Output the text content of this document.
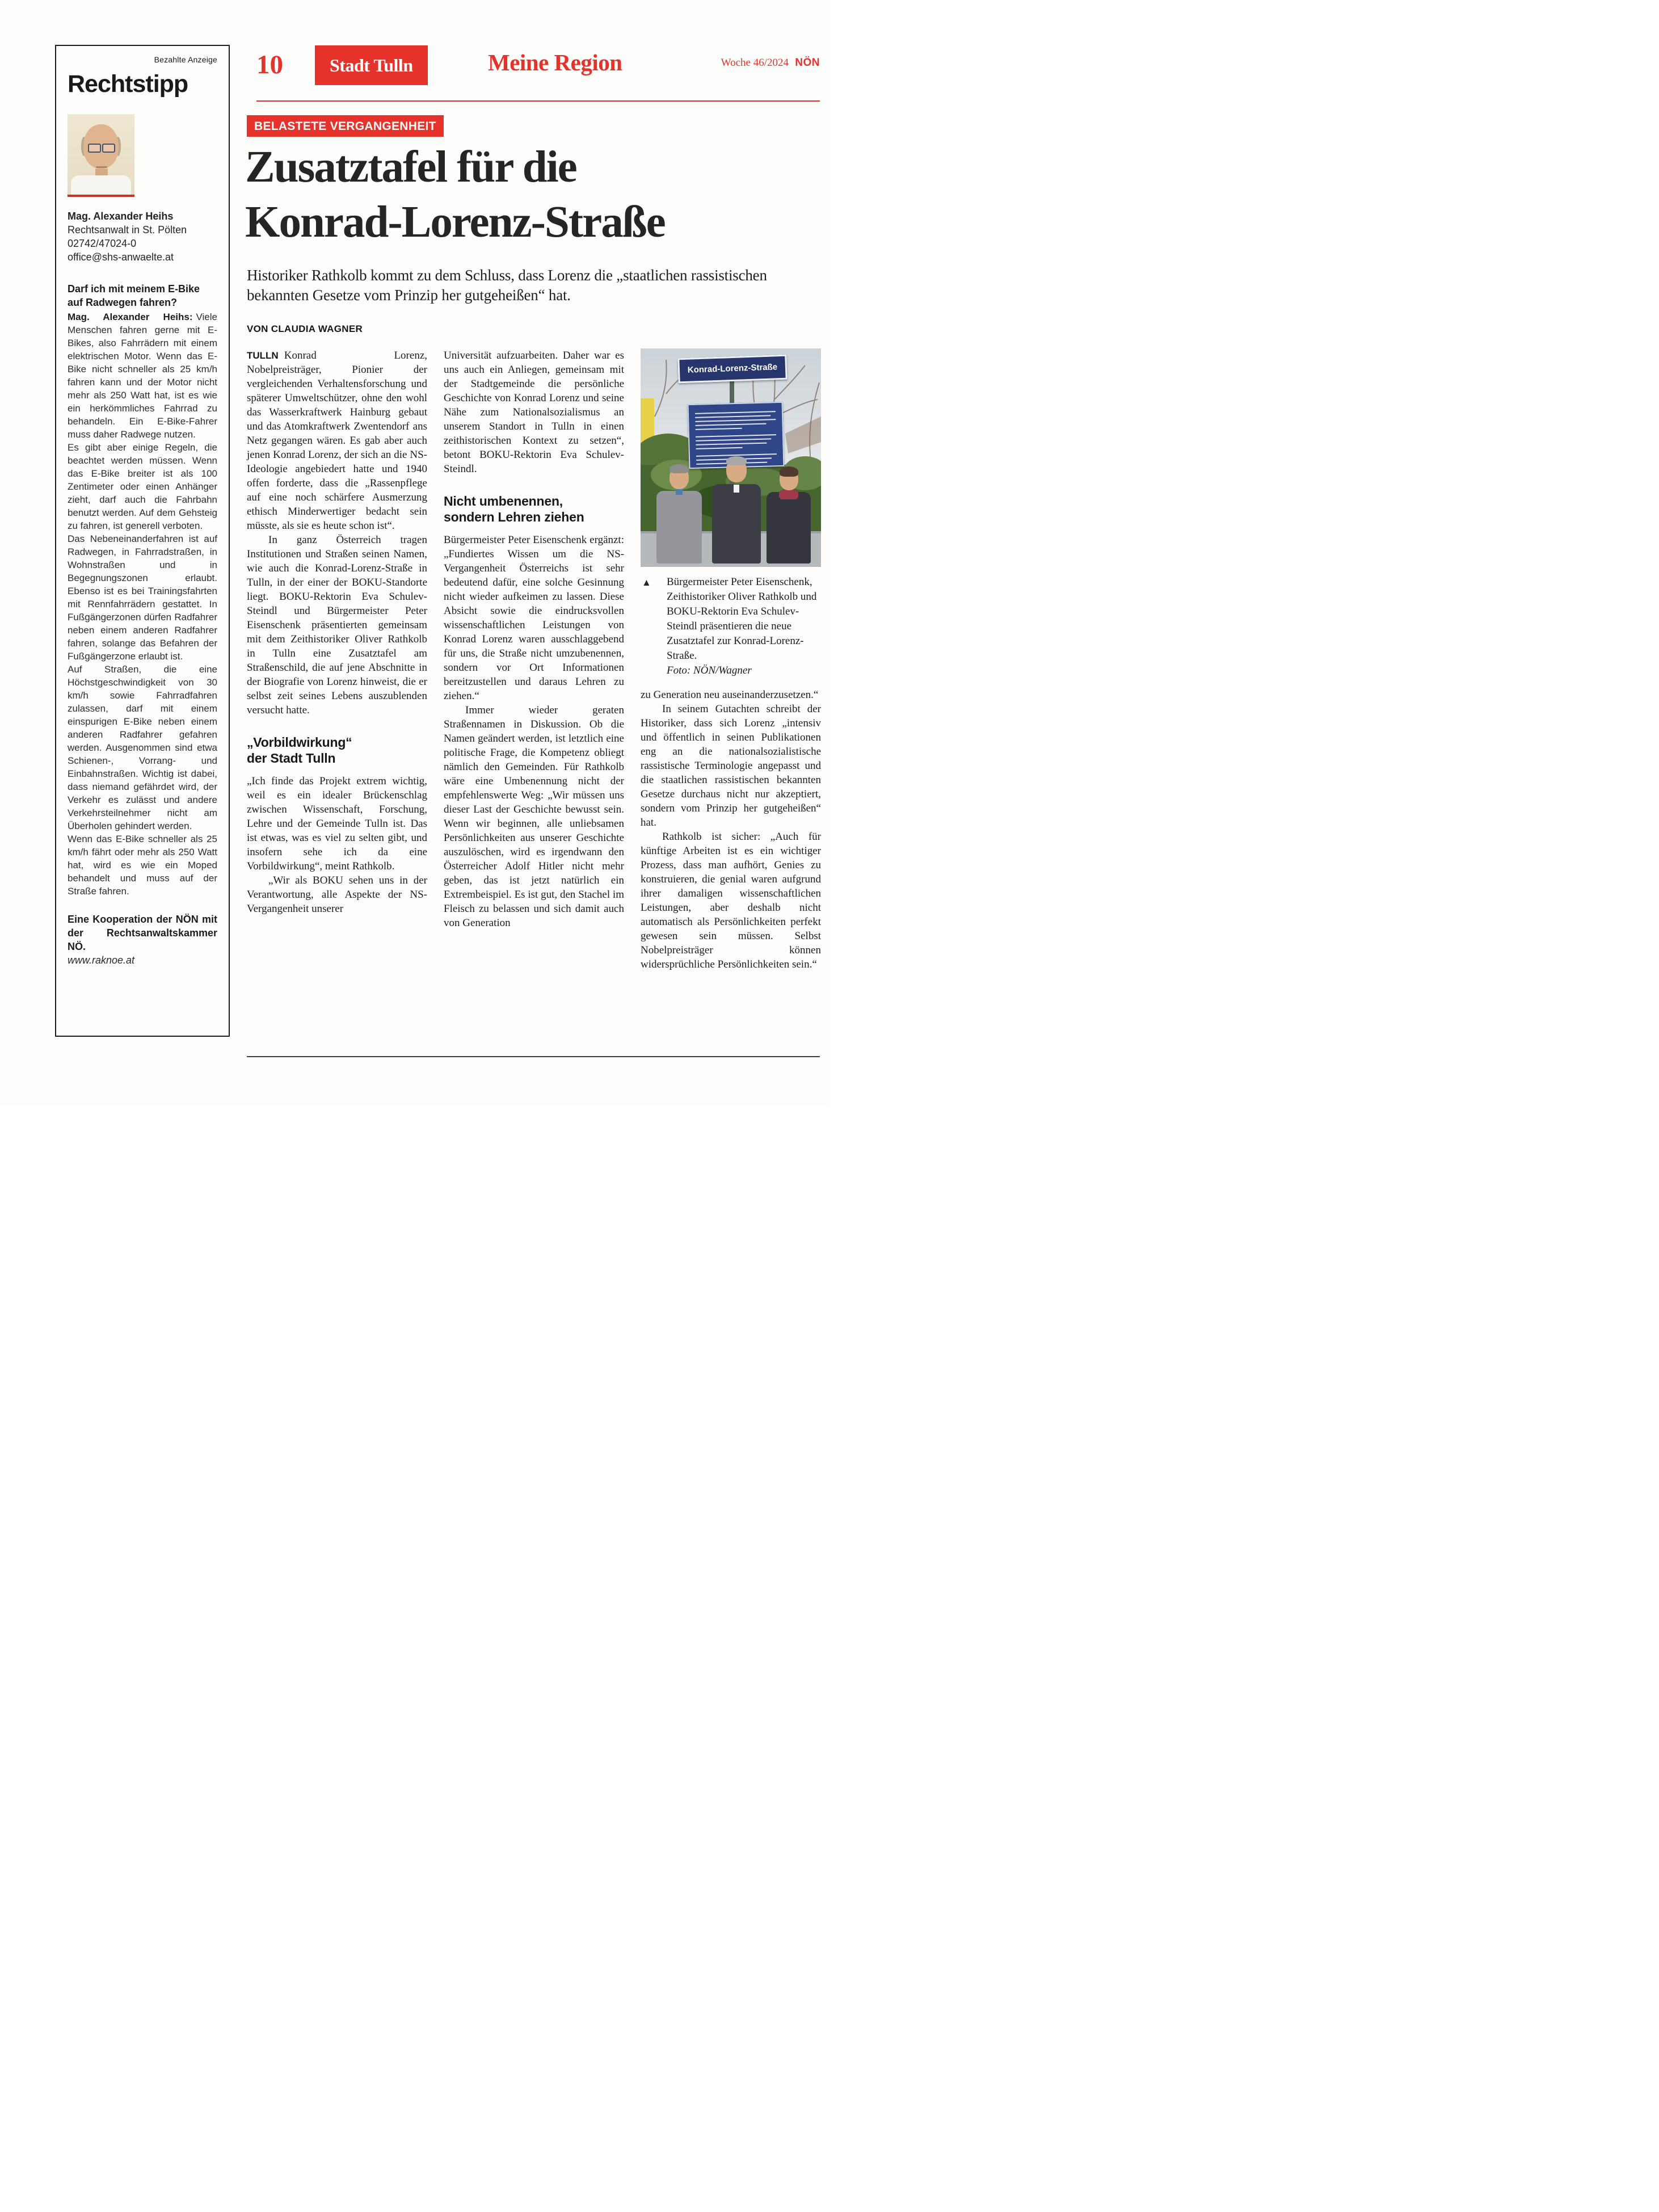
Bezahlte Anzeige
Rechtstipp
Mag. Alexander Heihs
Rechtsanwalt in St. Pölten
02742/47024-0
office@shs-anwaelte.at
Darf ich mit meinem E-Bike auf Radwegen fahren?

Mag. Alexander Heihs: Viele Menschen fahren gerne mit E-Bikes, also Fahrrädern mit einem elektrischen Motor. Wenn das E-Bike nicht schneller als 25 km/h fahren kann und der Motor nicht mehr als 250 Watt hat, ist es wie ein herkömmliches Fahrrad zu behandeln. Ein E-Bike-Fahrer muss daher Radwege nutzen.

Es gibt aber einige Regeln, die beachtet werden müssen. Wenn das E-Bike breiter ist als 100 Zentimeter oder einen Anhänger zieht, darf auch die Fahrbahn benutzt werden. Auf dem Gehsteig zu fahren, ist generell verboten.

Das Nebeneinanderfahren ist auf Radwegen, in Fahrradstraßen, in Wohnstraßen und in Begegnungszonen erlaubt. Ebenso ist es bei Trainingsfahrten mit Rennfahrrädern gestattet. In Fußgängerzonen dürfen Radfahrer neben einem anderen Radfahrer fahren, solange das Befahren der Fußgängerzone erlaubt ist.

Auf Straßen, die eine Höchstgeschwindigkeit von 30 km/h sowie Fahrradfahren zulassen, darf mit einem einspurigen E-Bike neben einem anderen Radfahrer gefahren werden. Ausgenommen sind etwa Schienen-, Vorrang- und Einbahnstraßen. Wichtig ist dabei, dass niemand gefährdet wird, der Verkehr es zulässt und andere Verkehrsteilnehmer nicht am Überholen gehindert werden.

Wenn das E-Bike schneller als 25 km/h fährt oder mehr als 250 Watt hat, wird es wie ein Moped behandelt und muss auf der Straße fahren.

Eine Kooperation der NÖN mit der Rechtsanwaltskammer NÖ.
www.raknoe.at
10	Stadt Tulln	Meine Region	Woche 46/2024 NÖN
BELASTETE VERGANGENHEIT
Zusatztafel für die
Konrad-Lorenz-Straße
Historiker Rathkolb kommt zu dem Schluss, dass Lorenz die „staatlichen rassistischen bekannten Gesetze vom Prinzip her gutgeheißen“ hat.
VON CLAUDIA WAGNER

TULLN Konrad Lorenz, Nobelpreisträger, Pionier der vergleichenden Verhaltensforschung und späterer Umweltschützer, ohne den wohl das Wasserkraftwerk Hainburg gebaut und das Atomkraftwerk Zwentendorf ans Netz gegangen wären. Es gab aber auch jenen Konrad Lorenz, der sich an die NS-Ideologie angebiedert hatte und 1940 offen forderte, dass die „Rassenpflege auf eine noch schärfere Ausmerzung ethisch Minderwertiger bedacht sein müsste, als sie es heute schon ist“.

In ganz Österreich tragen Institutionen und Straßen seinen Namen, wie auch die Konrad-Lorenz-Straße in Tulln, in der einer der BOKU-Standorte liegt. BOKU-Rektorin Eva Schulev-Steindl und Bürgermeister Peter Eisenschenk präsentierten gemeinsam mit dem Zeithistoriker Oliver Rathkolb in Tulln eine Zusatztafel am Straßenschild, die auf jene Abschnitte in der Biografie von Lorenz hinweist, die er selbst zeit seines Lebens auszublenden versucht hatte.

„Vorbildwirkung“
der Stadt Tulln

„Ich finde das Projekt extrem wichtig, weil es ein idealer Brückenschlag zwischen Wissenschaft, Forschung, Lehre und der Gemeinde Tulln ist. Das ist etwas, was es viel zu selten gibt, und insofern sehe ich da eine Vorbildwirkung“, meint Rathkolb.

„Wir als BOKU sehen uns in der Verantwortung, alle Aspekte der NS-Vergangenheit unserer

Universität aufzuarbeiten. Daher war es uns auch ein Anliegen, gemeinsam mit der Stadtgemeinde die persönliche Geschichte von Konrad Lorenz und seine Nähe zum Nationalsozialismus an unserem Standort in Tulln in einen zeithistorischen Kontext zu setzen“, betont BOKU-Rektorin Eva Schulev-Steindl.

Nicht umbenennen,
sondern Lehren ziehen

Bürgermeister Peter Eisenschenk ergänzt: „Fundiertes Wissen um die NS-Vergangenheit Österreichs ist sehr bedeutend dafür, eine solche Gesinnung nicht wieder aufkeimen zu lassen. Diese Absicht sowie die eindrucksvollen wissenschaftlichen Leistungen von Konrad Lorenz waren ausschlaggebend für uns, die Straße nicht umzubenennen, sondern vor Ort Informationen bereitzustellen und daraus Lehren zu ziehen.“

Immer wieder geraten Straßennamen in Diskussion. Ob die Namen geändert werden, ist letztlich eine politische Frage, die Kompetenz obliegt nämlich den Gemeinden. Für Rathkolb wäre eine Umbenennung nicht der empfehlenswerte Weg: „Wir müssen uns dieser Last der Geschichte bewusst sein. Wenn wir beginnen, alle unliebsamen Persönlichkeiten aus unserer Geschichte auszulöschen, wird es irgendwann den Österreicher Adolf Hitler nicht mehr geben, das ist jetzt natürlich ein Extrembeispiel. Es ist gut, den Stachel im Fleisch zu belassen und sich damit auch von Generation

Konrad-Lorenz-Straße
▲ Bürgermeister Peter Eisenschenk, Zeithistoriker Oliver Rathkolb und BOKU-Rektorin Eva Schulev-Steindl präsentieren die neue Zusatztafel zur Konrad-Lorenz-Straße.
Foto: NÖN/Wagner

zu Generation neu auseinanderzusetzen.“

In seinem Gutachten schreibt der Historiker, dass sich Lorenz „intensiv und öffentlich in seinen Publikationen eng an die nationalsozialistische rassistische Terminologie angepasst und die staatlichen rassistischen bekannten Gesetze durchaus nicht nur akzeptiert, sondern vom Prinzip her gutgeheißen“ hat.

Rathkolb ist sicher: „Auch für künftige Arbeiten ist es ein wichtiger Prozess, dass man aufhört, Genies zu konstruieren, die genial waren aufgrund ihrer damaligen wissenschaftlichen Leistungen, aber deshalb nicht automatisch als Persönlichkeiten perfekt gewesen sein müssen. Selbst Nobelpreisträger können widersprüchliche Persönlichkeiten sein.“
